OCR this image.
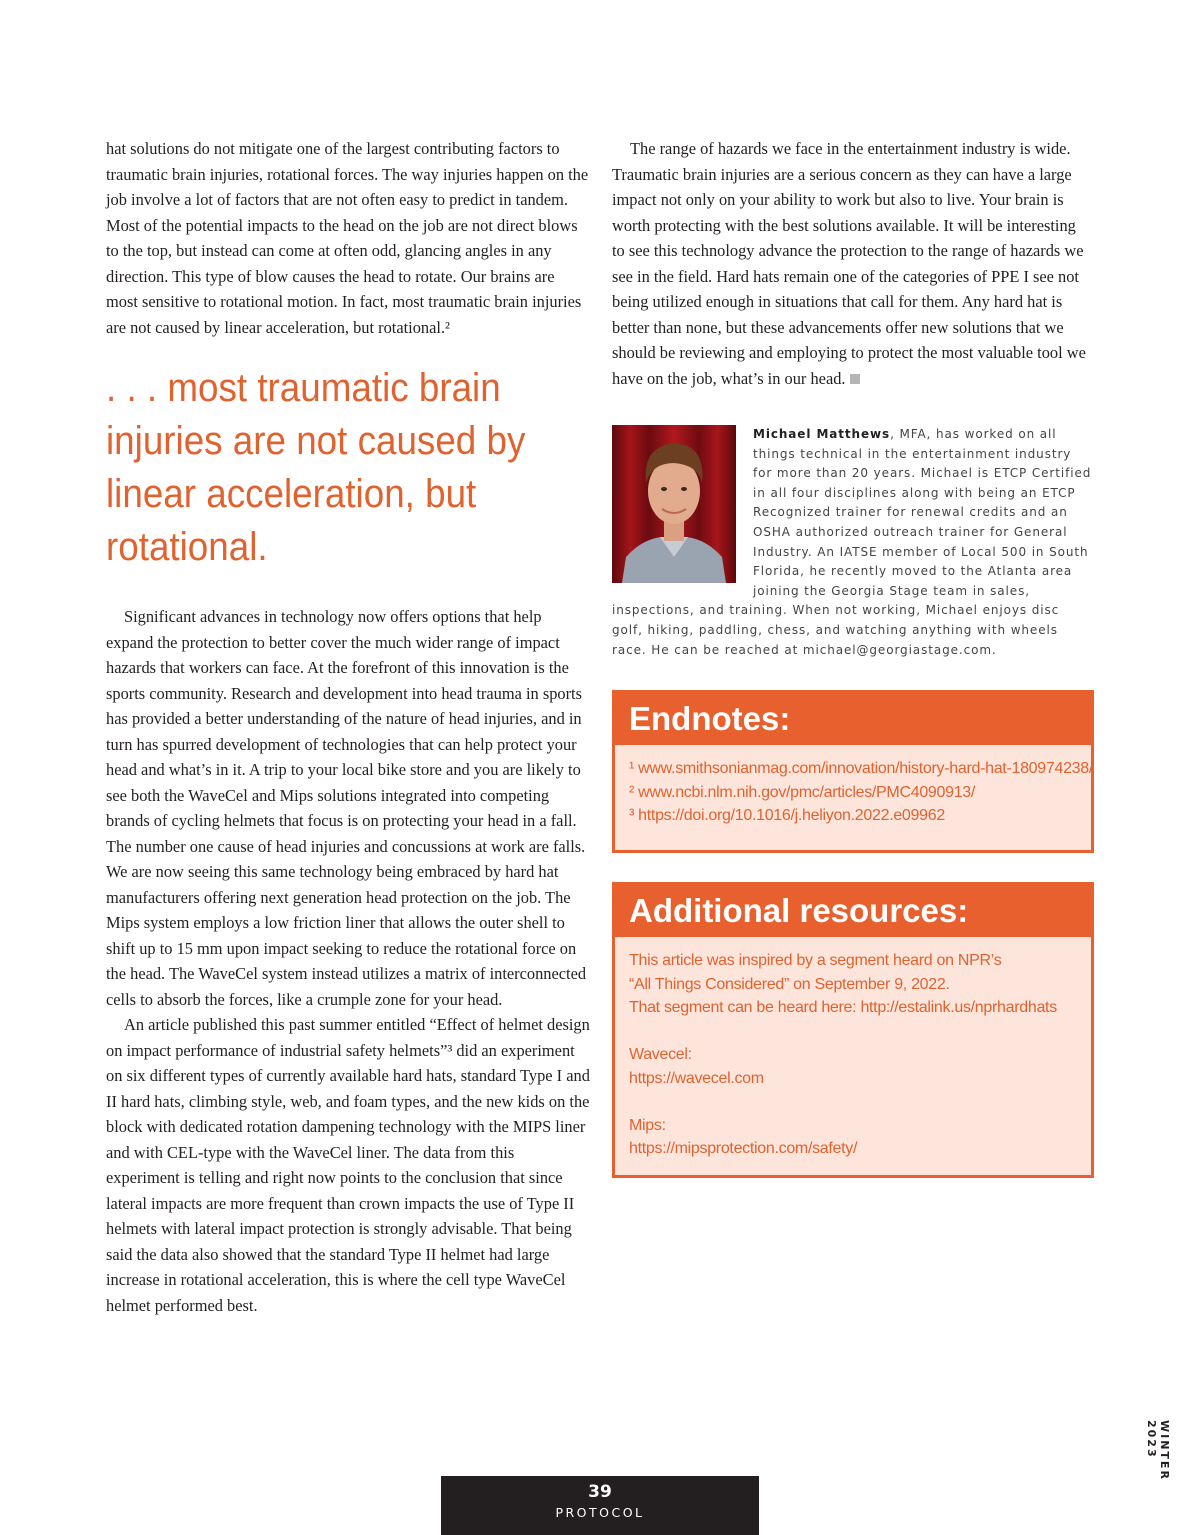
hat solutions do not mitigate one of the largest contributing factors to traumatic brain injuries, rotational forces. The way injuries happen on the job involve a lot of factors that are not often easy to predict in tandem. Most of the potential impacts to the head on the job are not direct blows to the top, but instead can come at often odd, glancing angles in any direction. This type of blow causes the head to rotate. Our brains are most sensitive to rotational motion. In fact, most traumatic brain injuries are not caused by linear acceleration, but rotational.²

. . . most traumatic brain injuries are not caused by linear acceleration, but rotational.

Significant advances in technology now offers options that help expand the protection to better cover the much wider range of impact hazards that workers can face. At the forefront of this innovation is the sports community. Research and development into head trauma in sports has provided a better understanding of the nature of head injuries, and in turn has spurred development of technologies that can help protect your head and what’s in it. A trip to your local bike store and you are likely to see both the WaveCel and Mips solutions integrated into competing brands of cycling helmets that focus is on protecting your head in a fall. The number one cause of head injuries and concussions at work are falls. We are now seeing this same technology being embraced by hard hat manufacturers offering next generation head protection on the job. The Mips system employs a low friction liner that allows the outer shell to shift up to 15 mm upon impact seeking to reduce the rotational force on the head. The WaveCel system instead utilizes a matrix of interconnected cells to absorb the forces, like a crumple zone for your head.

An article published this past summer entitled “Effect of helmet design on impact performance of industrial safety helmets”³ did an experiment on six different types of currently available hard hats, standard Type I and II hard hats, climbing style, web, and foam types, and the new kids on the block with dedicated rotation dampening technology with the MIPS liner and with CEL-type with the WaveCel liner. The data from this experiment is telling and right now points to the conclusion that since lateral impacts are more frequent than crown impacts the use of Type II helmets with lateral impact protection is strongly advisable. That being said the data also showed that the standard Type II helmet had large increase in rotational acceleration, this is where the cell type WaveCel helmet performed best.

The range of hazards we face in the entertainment industry is wide. Traumatic brain injuries are a serious concern as they can have a large impact not only on your ability to work but also to live. Your brain is worth protecting with the best solutions available. It will be interesting to see this technology advance the protection to the range of hazards we see in the field. Hard hats remain one of the categories of PPE I see not being utilized enough in situations that call for them. Any hard hat is better than none, but these advancements offer new solutions that we should be reviewing and employing to protect the most valuable tool we have on the job, what’s in our head.

Michael Matthews, MFA, has worked on all things technical in the entertainment industry for more than 20 years. Michael is ETCP Certified in all four disciplines along with being an ETCP Recognized trainer for renewal credits and an OSHA authorized outreach trainer for General Industry. An IATSE member of Local 500 in South Florida, he recently moved to the Atlanta area joining the Georgia Stage team in sales, inspections, and training. When not working, Michael enjoys disc golf, hiking, paddling, chess, and watching anything with wheels race. He can be reached at michael@georgiastage.com.
Endnotes:
¹ www.smithsonianmag.com/innovation/history-hard-hat-180974238/
² www.ncbi.nlm.nih.gov/pmc/articles/PMC4090913/
³ https://doi.org/10.1016/j.heliyon.2022.e09962
Additional resources:
This article was inspired by a segment heard on NPR’s
“All Things Considered” on September 9, 2022.
That segment can be heard here: http://estalink.us/nprhardhats
Wavecel:
https://wavecel.com
Mips:
https://mipsprotection.com/safety/
39
PROTOCOL
WINTER 2023
